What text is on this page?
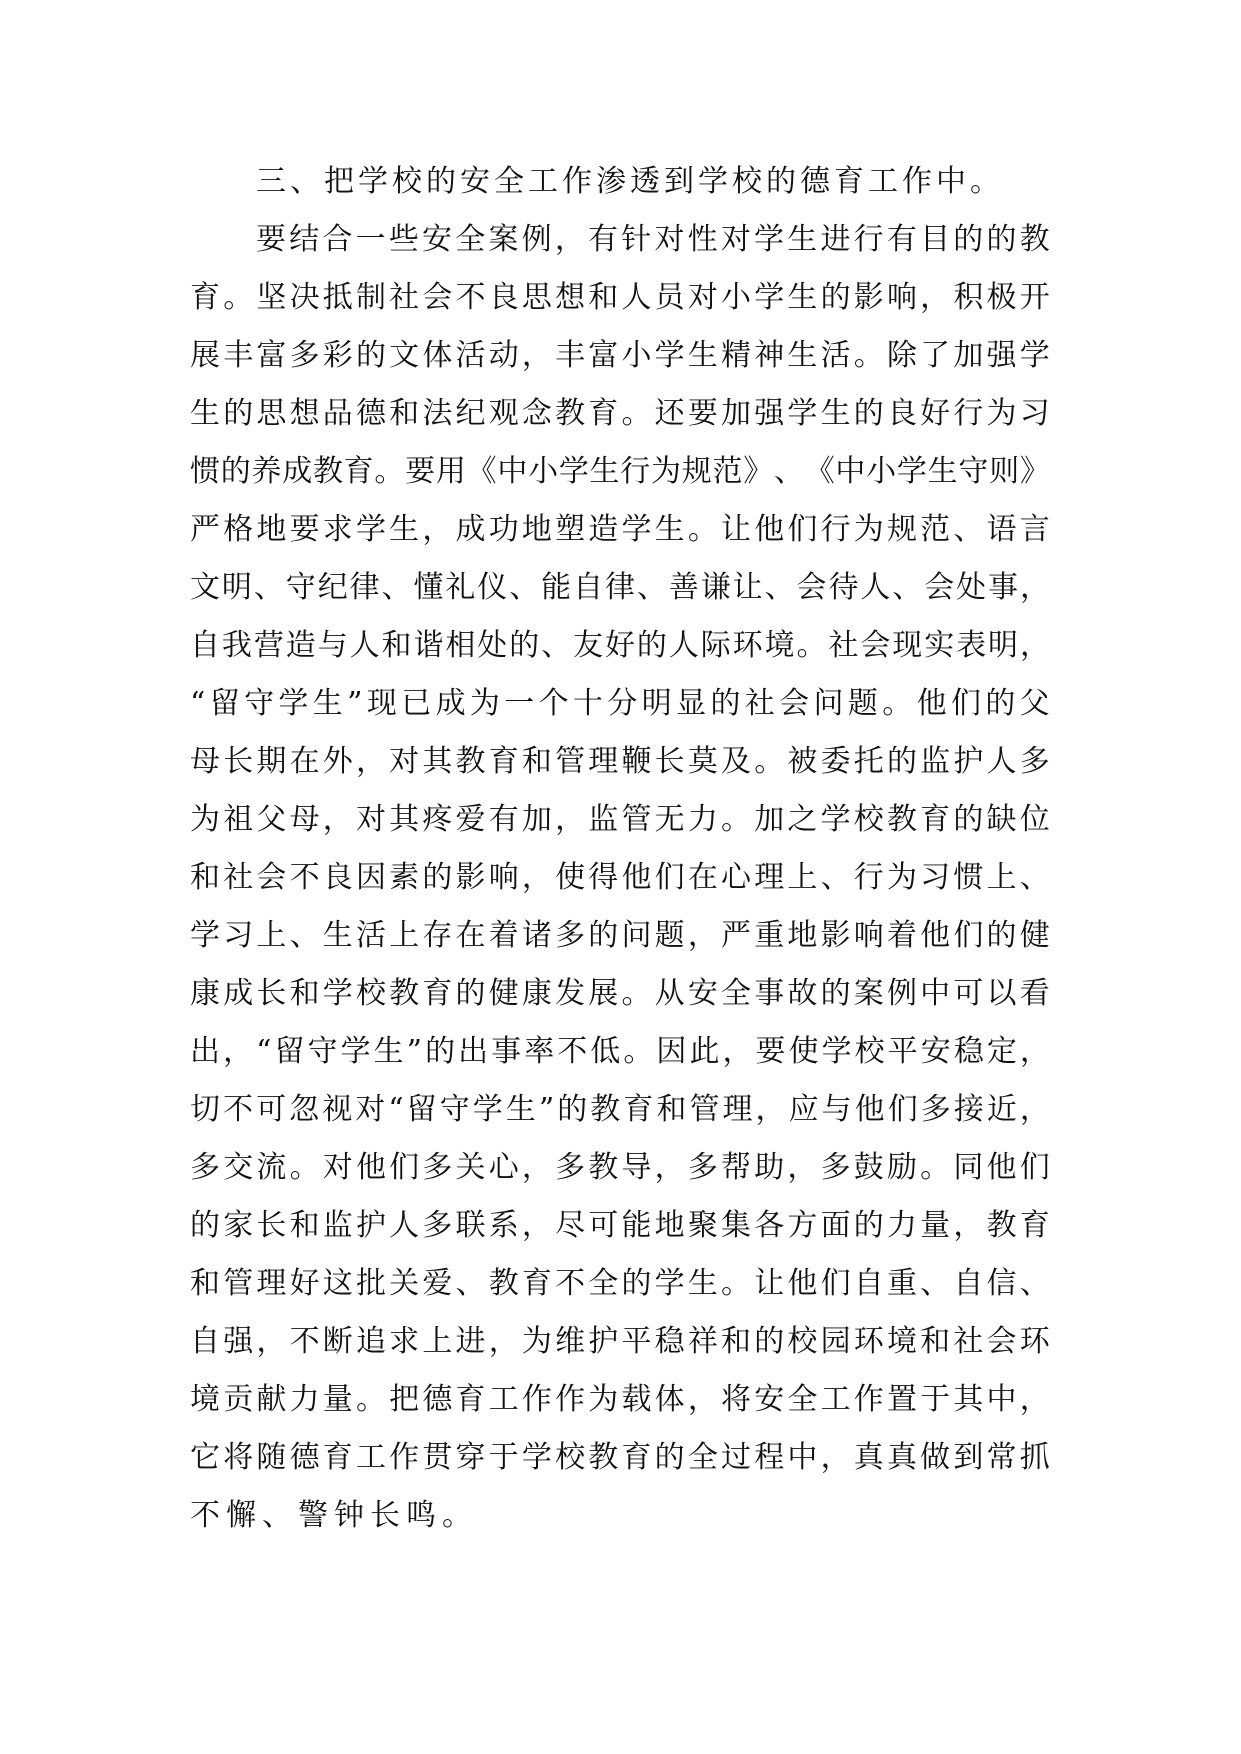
三、把学校的安全工作渗透到学校的德育工作中。
要 结 合 一 些 安 全 案 例 ， 有 针 对 性 对 学 生 进 行 有 目 的 的 教
育 。 坚 决 抵 制 社 会 不 良 思 想 和 人 员 对 小 学 生 的 影 响 ， 积 极 开
展 丰 富 多 彩 的 文 体 活 动 ， 丰 富 小 学 生 精 神 生 活 。 除 了 加 强 学
生 的 思 想 品 德 和 法 纪 观 念 教 育 。 还 要 加 强 学 生 的 良 好 行 为 习
惯 的 养 成 教 育 。 要 用 《 中 小 学 生 行 为 规 范 》 、 《 中 小 学 生 守 则 》
严 格 地 要 求 学 生 ， 成 功 地 塑 造 学 生 。 让 他 们 行 为 规 范 、 语 言
文 明 、 守 纪 律 、 懂 礼 仪 、 能 自 律 、 善 谦 让 、 会 待 人 、 会 处 事 ，
自 我 营 造 与 人 和 谐 相 处 的 、 友 好 的 人 际 环 境 。 社 会 现 实 表 明 ，
“ 留 守 学 生 ” 现 已 成 为 一 个 十 分 明 显 的 社 会 问 题 。 他 们 的 父
母 长 期 在 外 ， 对 其 教 育 和 管 理 鞭 长 莫 及 。 被 委 托 的 监 护 人 多
为 祖 父 母 ， 对 其 疼 爱 有 加 ， 监 管 无 力 。 加 之 学 校 教 育 的 缺 位
和 社 会 不 良 因 素 的 影 响 ， 使 得 他 们 在 心 理 上 、 行 为 习 惯 上 、
学 习 上 、 生 活 上 存 在 着 诸 多 的 问 题 ， 严 重 地 影 响 着 他 们 的 健
康 成 长 和 学 校 教 育 的 健 康 发 展 。 从 安 全 事 故 的 案 例 中 可 以 看
出 ， “ 留 守 学 生 ” 的 出 事 率 不 低 。 因 此 ， 要 使 学 校 平 安 稳 定 ，
切 不 可 忽 视 对 “ 留 守 学 生 ” 的 教 育 和 管 理 ， 应 与 他 们 多 接 近 ，
多 交 流 。 对 他 们 多 关 心 ， 多 教 导 ， 多 帮 助 ， 多 鼓 励 。 同 他 们
的 家 长 和 监 护 人 多 联 系 ， 尽 可 能 地 聚 集 各 方 面 的 力 量 ， 教 育
和 管 理 好 这 批 关 爱 、 教 育 不 全 的 学 生 。 让 他 们 自 重 、 自 信 、
自 强 ， 不 断 追 求 上 进 ， 为 维 护 平 稳 祥 和 的 校 园 环 境 和 社 会 环
境 贡 献 力 量 。 把 德 育 工 作 作 为 载 体 ， 将 安 全 工 作 置 于 其 中 ，
它 将 随 德 育 工 作 贯 穿 于 学 校 教 育 的 全 过 程 中 ， 真 真 做 到 常 抓
不 懈 、 警 钟 长 鸣 。
